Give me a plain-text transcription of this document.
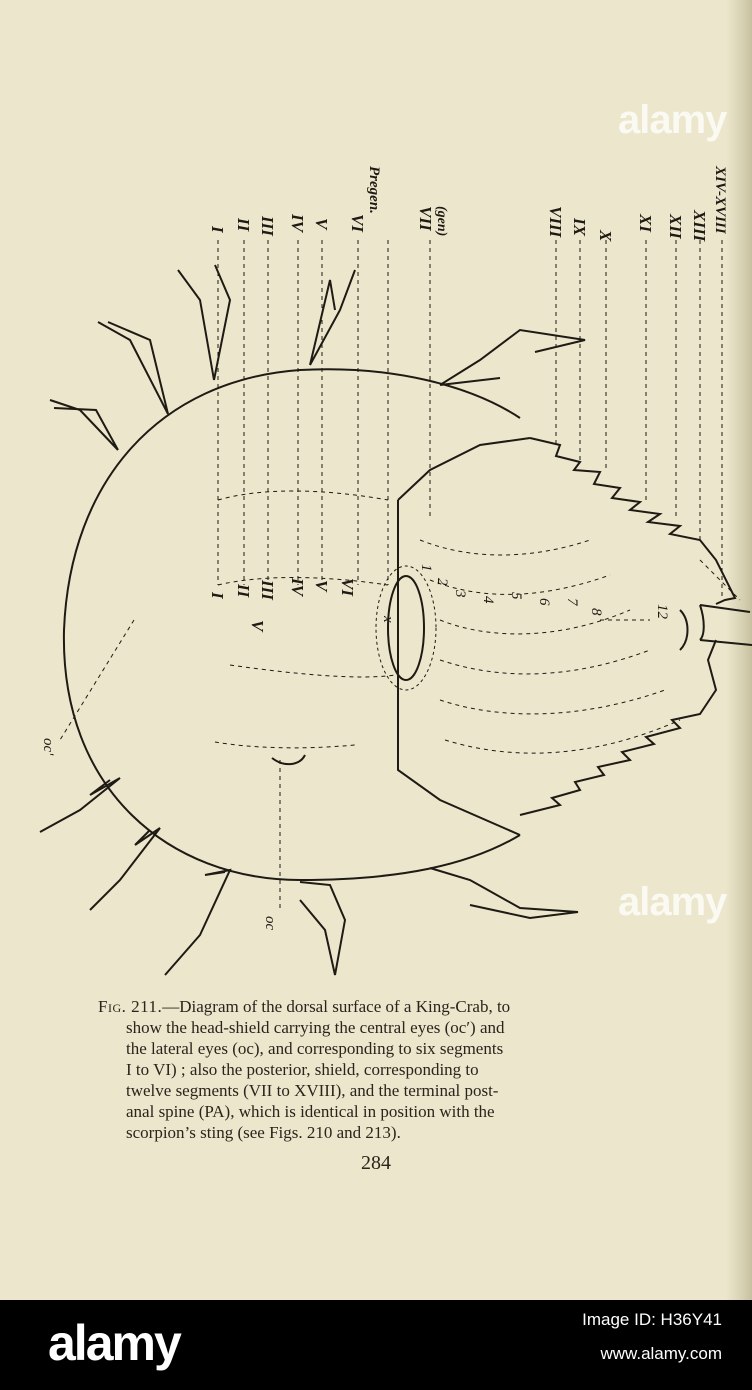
I II III IV V VI
Pregen.
VII (gen)	VIII IX X
XI XII XIII XIV-XVIII
I II III IV V VI
V
1
2
3
4
5
6 7
8	12
x
oc'
oc
alamy
alamy
Fig. 211.—Diagram of the dorsal surface of a King-Crab, to
show the head-shield carrying the central eyes (oc′) and
the lateral eyes (oc), and corresponding to six segments
I to VI) ; also the posterior, shield, corresponding to
twelve segments (VII to XVIII), and the terminal post-
anal spine (PA), which is identical in position with the
scorpion’s sting (see Figs. 210 and 213).
284
alamy	Image ID: H36Y41
www.alamy.com
